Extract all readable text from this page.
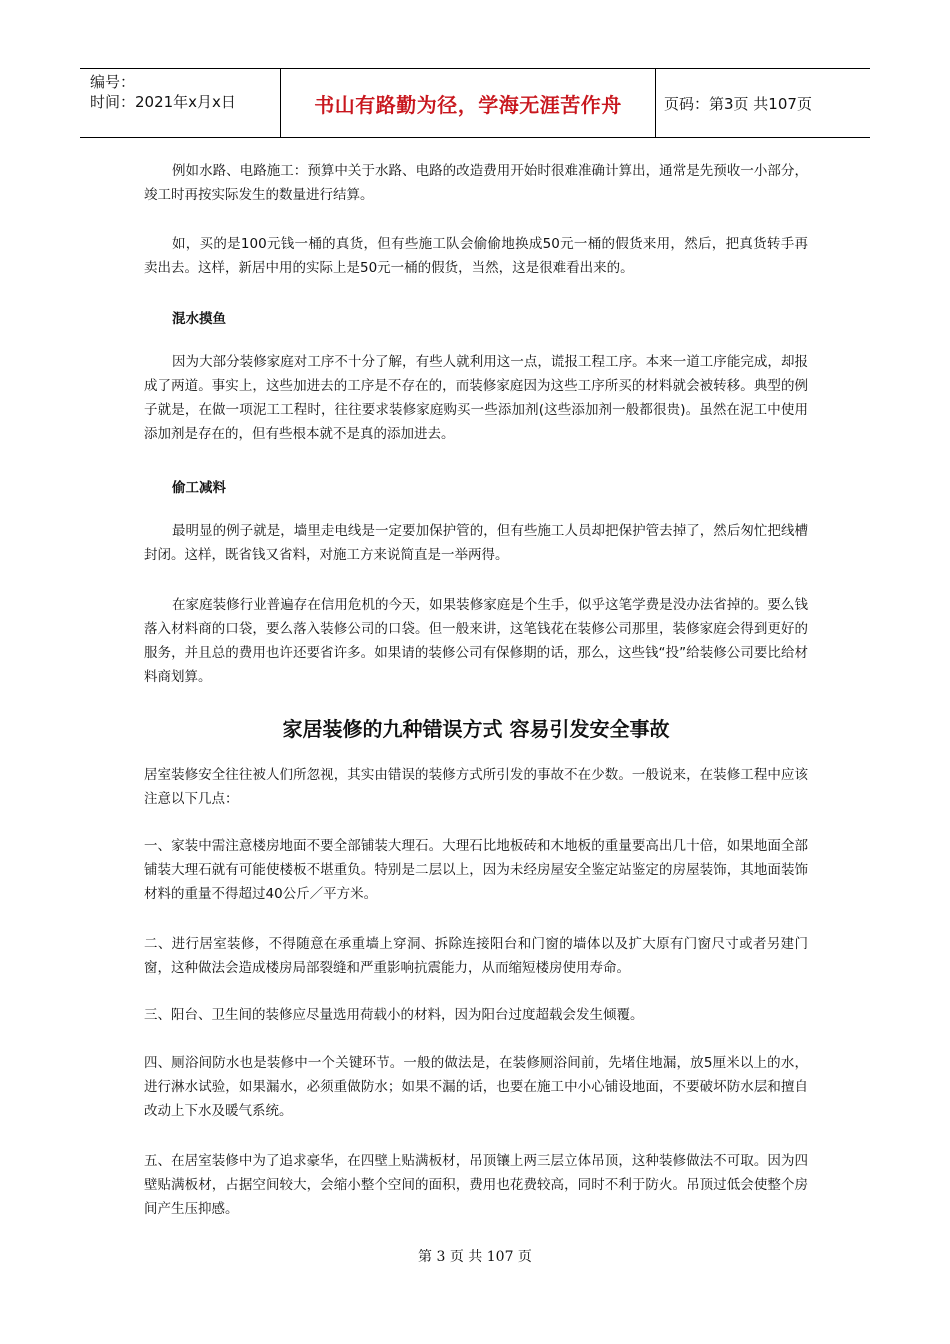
编号：
时间：2021年x月x日	书山有路勤为径，学海无涯苦作舟	页码：第3页 共107页
例如水路、电路施工：预算中关于水路、电路的改造费用开始时很难准确计算出，通常是先预收一小部分，竣工时再按实际发生的数量进行结算。
如，买的是100元钱一桶的真货，但有些施工队会偷偷地换成50元一桶的假货来用，然后，把真货转手再卖出去。这样，新居中用的实际上是50元一桶的假货，当然，这是很难看出来的。
混水摸鱼
因为大部分装修家庭对工序不十分了解，有些人就利用这一点，谎报工程工序。本来一道工序能完成，却报成了两道。事实上，这些加进去的工序是不存在的，而装修家庭因为这些工序所买的材料就会被转移。典型的例子就是，在做一项泥工工程时，往往要求装修家庭购买一些添加剂(这些添加剂一般都很贵)。虽然在泥工中使用添加剂是存在的，但有些根本就不是真的添加进去。
偷工减料
最明显的例子就是，墙里走电线是一定要加保护管的，但有些施工人员却把保护管去掉了，然后匆忙把线槽封闭。这样，既省钱又省料，对施工方来说简直是一举两得。
在家庭装修行业普遍存在信用危机的今天，如果装修家庭是个生手，似乎这笔学费是没办法省掉的。要么钱落入材料商的口袋，要么落入装修公司的口袋。但一般来讲，这笔钱花在装修公司那里，装修家庭会得到更好的服务，并且总的费用也许还要省许多。如果请的装修公司有保修期的话，那么，这些钱“投”给装修公司要比给材料商划算。
家居装修的九种错误方式 容易引发安全事故
居室装修安全往往被人们所忽视，其实由错误的装修方式所引发的事故不在少数。一般说来，在装修工程中应该注意以下几点：
一、家装中需注意楼房地面不要全部铺装大理石。大理石比地板砖和木地板的重量要高出几十倍，如果地面全部铺装大理石就有可能使楼板不堪重负。特别是二层以上，因为未经房屋安全鉴定站鉴定的房屋装饰，其地面装饰材料的重量不得超过40公斤／平方米。
二、进行居室装修，不得随意在承重墙上穿洞、拆除连接阳台和门窗的墙体以及扩大原有门窗尺寸或者另建门窗，这种做法会造成楼房局部裂缝和严重影响抗震能力，从而缩短楼房使用寿命。
三、阳台、卫生间的装修应尽量选用荷载小的材料，因为阳台过度超载会发生倾覆。
四、厕浴间防水也是装修中一个关键环节。一般的做法是，在装修厕浴间前，先堵住地漏，放5厘米以上的水，进行淋水试验，如果漏水，必须重做防水；如果不漏的话，也要在施工中小心铺设地面，不要破坏防水层和擅自改动上下水及暖气系统。
五、在居室装修中为了追求豪华，在四壁上贴满板材，吊顶镶上两三层立体吊顶，这种装修做法不可取。因为四壁贴满板材，占据空间较大，会缩小整个空间的面积，费用也花费较高，同时不利于防火。吊顶过低会使整个房间产生压抑感。
第 3 页 共 107 页
